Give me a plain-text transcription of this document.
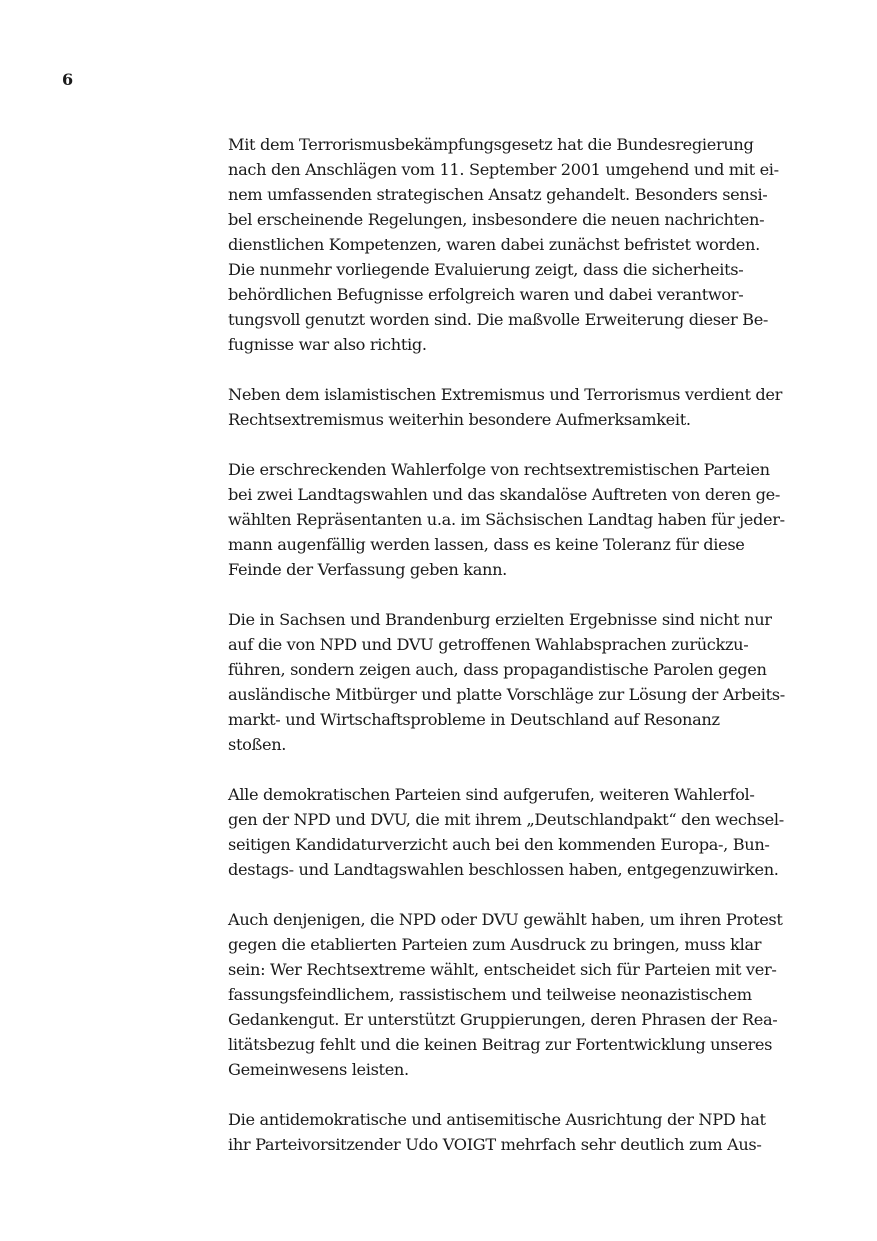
6
Mit dem Terrorismusbekämpfungsgesetz hat die Bundesregierung
nach den Anschlägen vom 11. September 2001 umgehend und mit ei-
nem umfassenden strategischen Ansatz gehandelt. Besonders sensi-
bel erscheinende Regelungen, insbesondere die neuen nachrichten-
dienstlichen Kompetenzen, waren dabei zunächst befristet worden.
Die nunmehr vorliegende Evaluierung zeigt, dass die sicherheits-
behördlichen Befugnisse erfolgreich waren und dabei verantwor-
tungsvoll genutzt worden sind. Die maßvolle Erweiterung dieser Be-
fugnisse war also richtig.
Neben dem islamistischen Extremismus und Terrorismus verdient der
Rechtsextremismus weiterhin besondere Aufmerksamkeit.
Die erschreckenden Wahlerfolge von rechtsextremistischen Parteien
bei zwei Landtagswahlen und das skandalöse Auftreten von deren ge-
wählten Repräsentanten u.a. im Sächsischen Landtag haben für jeder-
mann augenfällig werden lassen, dass es keine Toleranz für diese
Feinde der Verfassung geben kann.
Die in Sachsen und Brandenburg erzielten Ergebnisse sind nicht nur
auf die von NPD und DVU getroffenen Wahlabsprachen zurückzu-
führen, sondern zeigen auch, dass propagandistische Parolen gegen
ausländische Mitbürger und platte Vorschläge zur Lösung der Arbeits-
markt- und Wirtschaftsprobleme in Deutschland auf Resonanz
stoßen.
Alle demokratischen Parteien sind aufgerufen, weiteren Wahlerfol-
gen der NPD und DVU, die mit ihrem „Deutschlandpakt“ den wechsel-
seitigen Kandidaturverzicht auch bei den kommenden Europa-, Bun-
destags- und Landtagswahlen beschlossen haben, entgegenzuwirken.
Auch denjenigen, die NPD oder DVU gewählt haben, um ihren Protest
gegen die etablierten Parteien zum Ausdruck zu bringen, muss klar
sein: Wer Rechtsextreme wählt, entscheidet sich für Parteien mit ver-
fassungsfeindlichem, rassistischem und teilweise neonazistischem
Gedankengut. Er unterstützt Gruppierungen, deren Phrasen der Rea-
litätsbezug fehlt und die keinen Beitrag zur Fortentwicklung unseres
Gemeinwesens leisten.
Die antidemokratische und antisemitische Ausrichtung der NPD hat
ihr Parteivorsitzender Udo VOIGT mehrfach sehr deutlich zum Aus-
